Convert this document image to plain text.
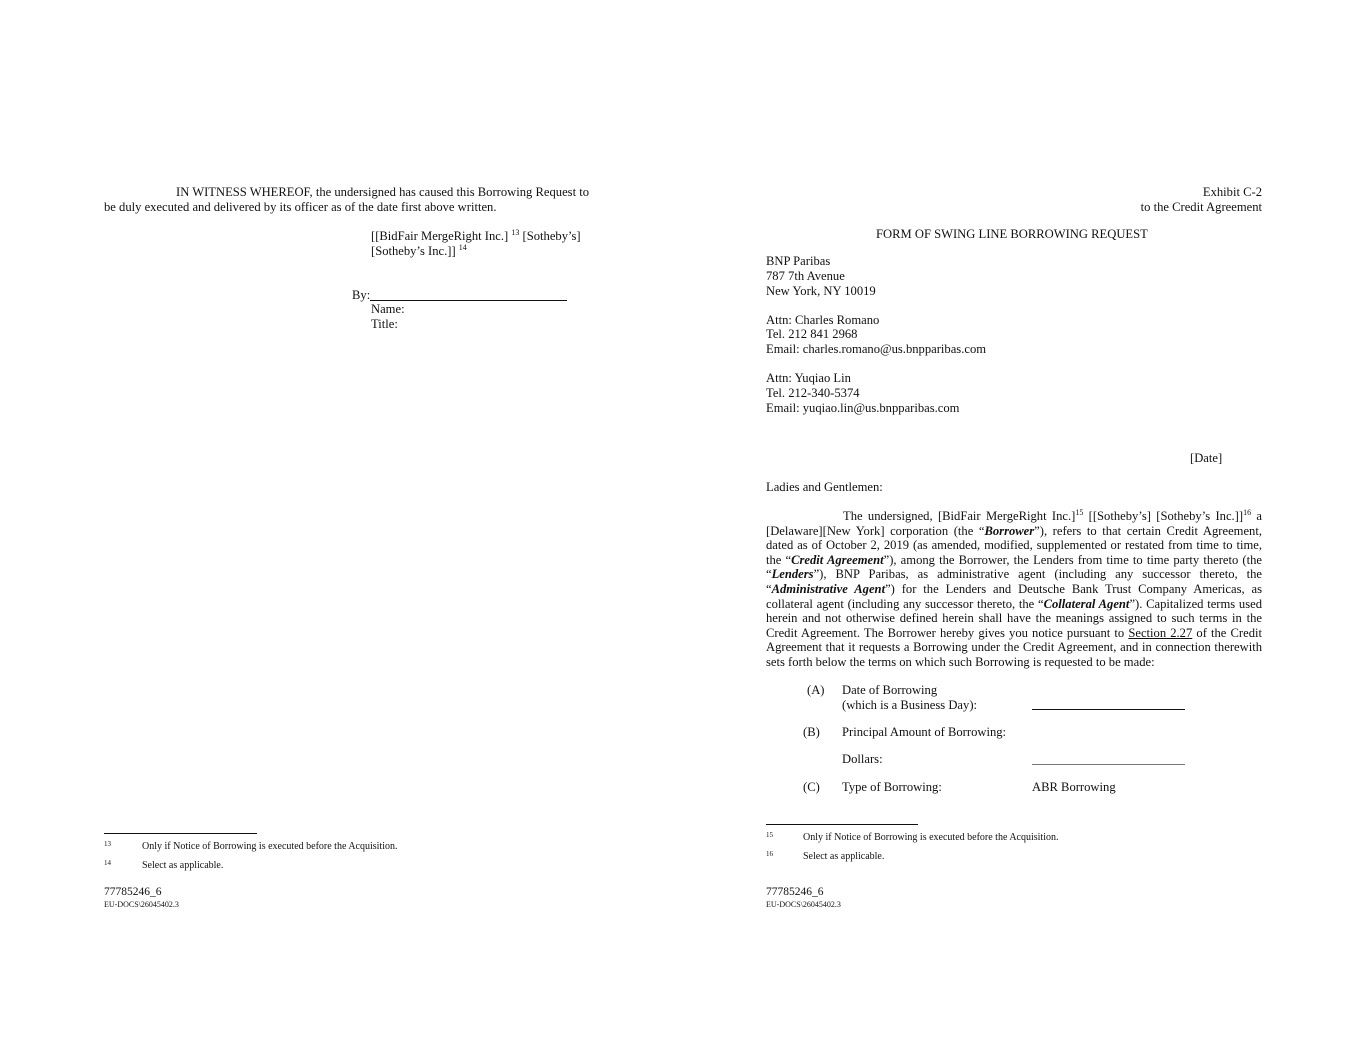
IN WITNESS WHEREOF, the undersigned has caused this Borrowing Request to
be duly executed and delivered by its officer as of the date first above written.
[[BidFair MergeRight Inc.] $^{13}$ [Sotheby’s]
[Sotheby’s Inc.]] $^{14}$
By:
Name:
Title:
13	Only if Notice of Borrowing is executed before the Acquisition.
14	Select as applicable.
77785246_6
EU-DOCS\26045402.3
Exhibit C-2
to the Credit Agreement
FORM OF SWING LINE BORROWING REQUEST
BNP Paribas
787 7th Avenue
New York, NY 10019
Attn: Charles Romano
Tel. 212 841 2968
Email: charles.romano@us.bnpparibas.com
Attn: Yuqiao Lin
Tel. 212-340-5374
Email: yuqiao.lin@us.bnpparibas.com
[Date]
Ladies and Gentlemen:
The undersigned, [BidFair MergeRight Inc.]$^{15}$ [[Sotheby’s] [Sotheby’s Inc.]]$^{16}$ a [Delaware][New York] corporation (the “Borrower”), refers to that certain Credit Agreement, dated as of October 2, 2019 (as amended, modified, supplemented or restated from time to time, the “Credit Agreement”), among the Borrower, the Lenders from time to time party thereto (the “Lenders”), BNP Paribas, as administrative agent (including any successor thereto, the “Administrative Agent”) for the Lenders and Deutsche Bank Trust Company Americas, as collateral agent (including any successor thereto, the “Collateral Agent”). Capitalized terms used herein and not otherwise defined herein shall have the meanings assigned to such terms in the Credit Agreement. The Borrower hereby gives you notice pursuant to Section 2.27 of the Credit Agreement that it requests a Borrowing under the Credit Agreement, and in connection therewith sets forth below the terms on which such Borrowing is requested to be made:
(A) Date of Borrowing
(which is a Business Day):
(B) Principal Amount of Borrowing:
Dollars:
(C) Type of Borrowing:	ABR Borrowing
15	Only if Notice of Borrowing is executed before the Acquisition.
16	Select as applicable.
77785246_6
EU-DOCS\26045402.3
